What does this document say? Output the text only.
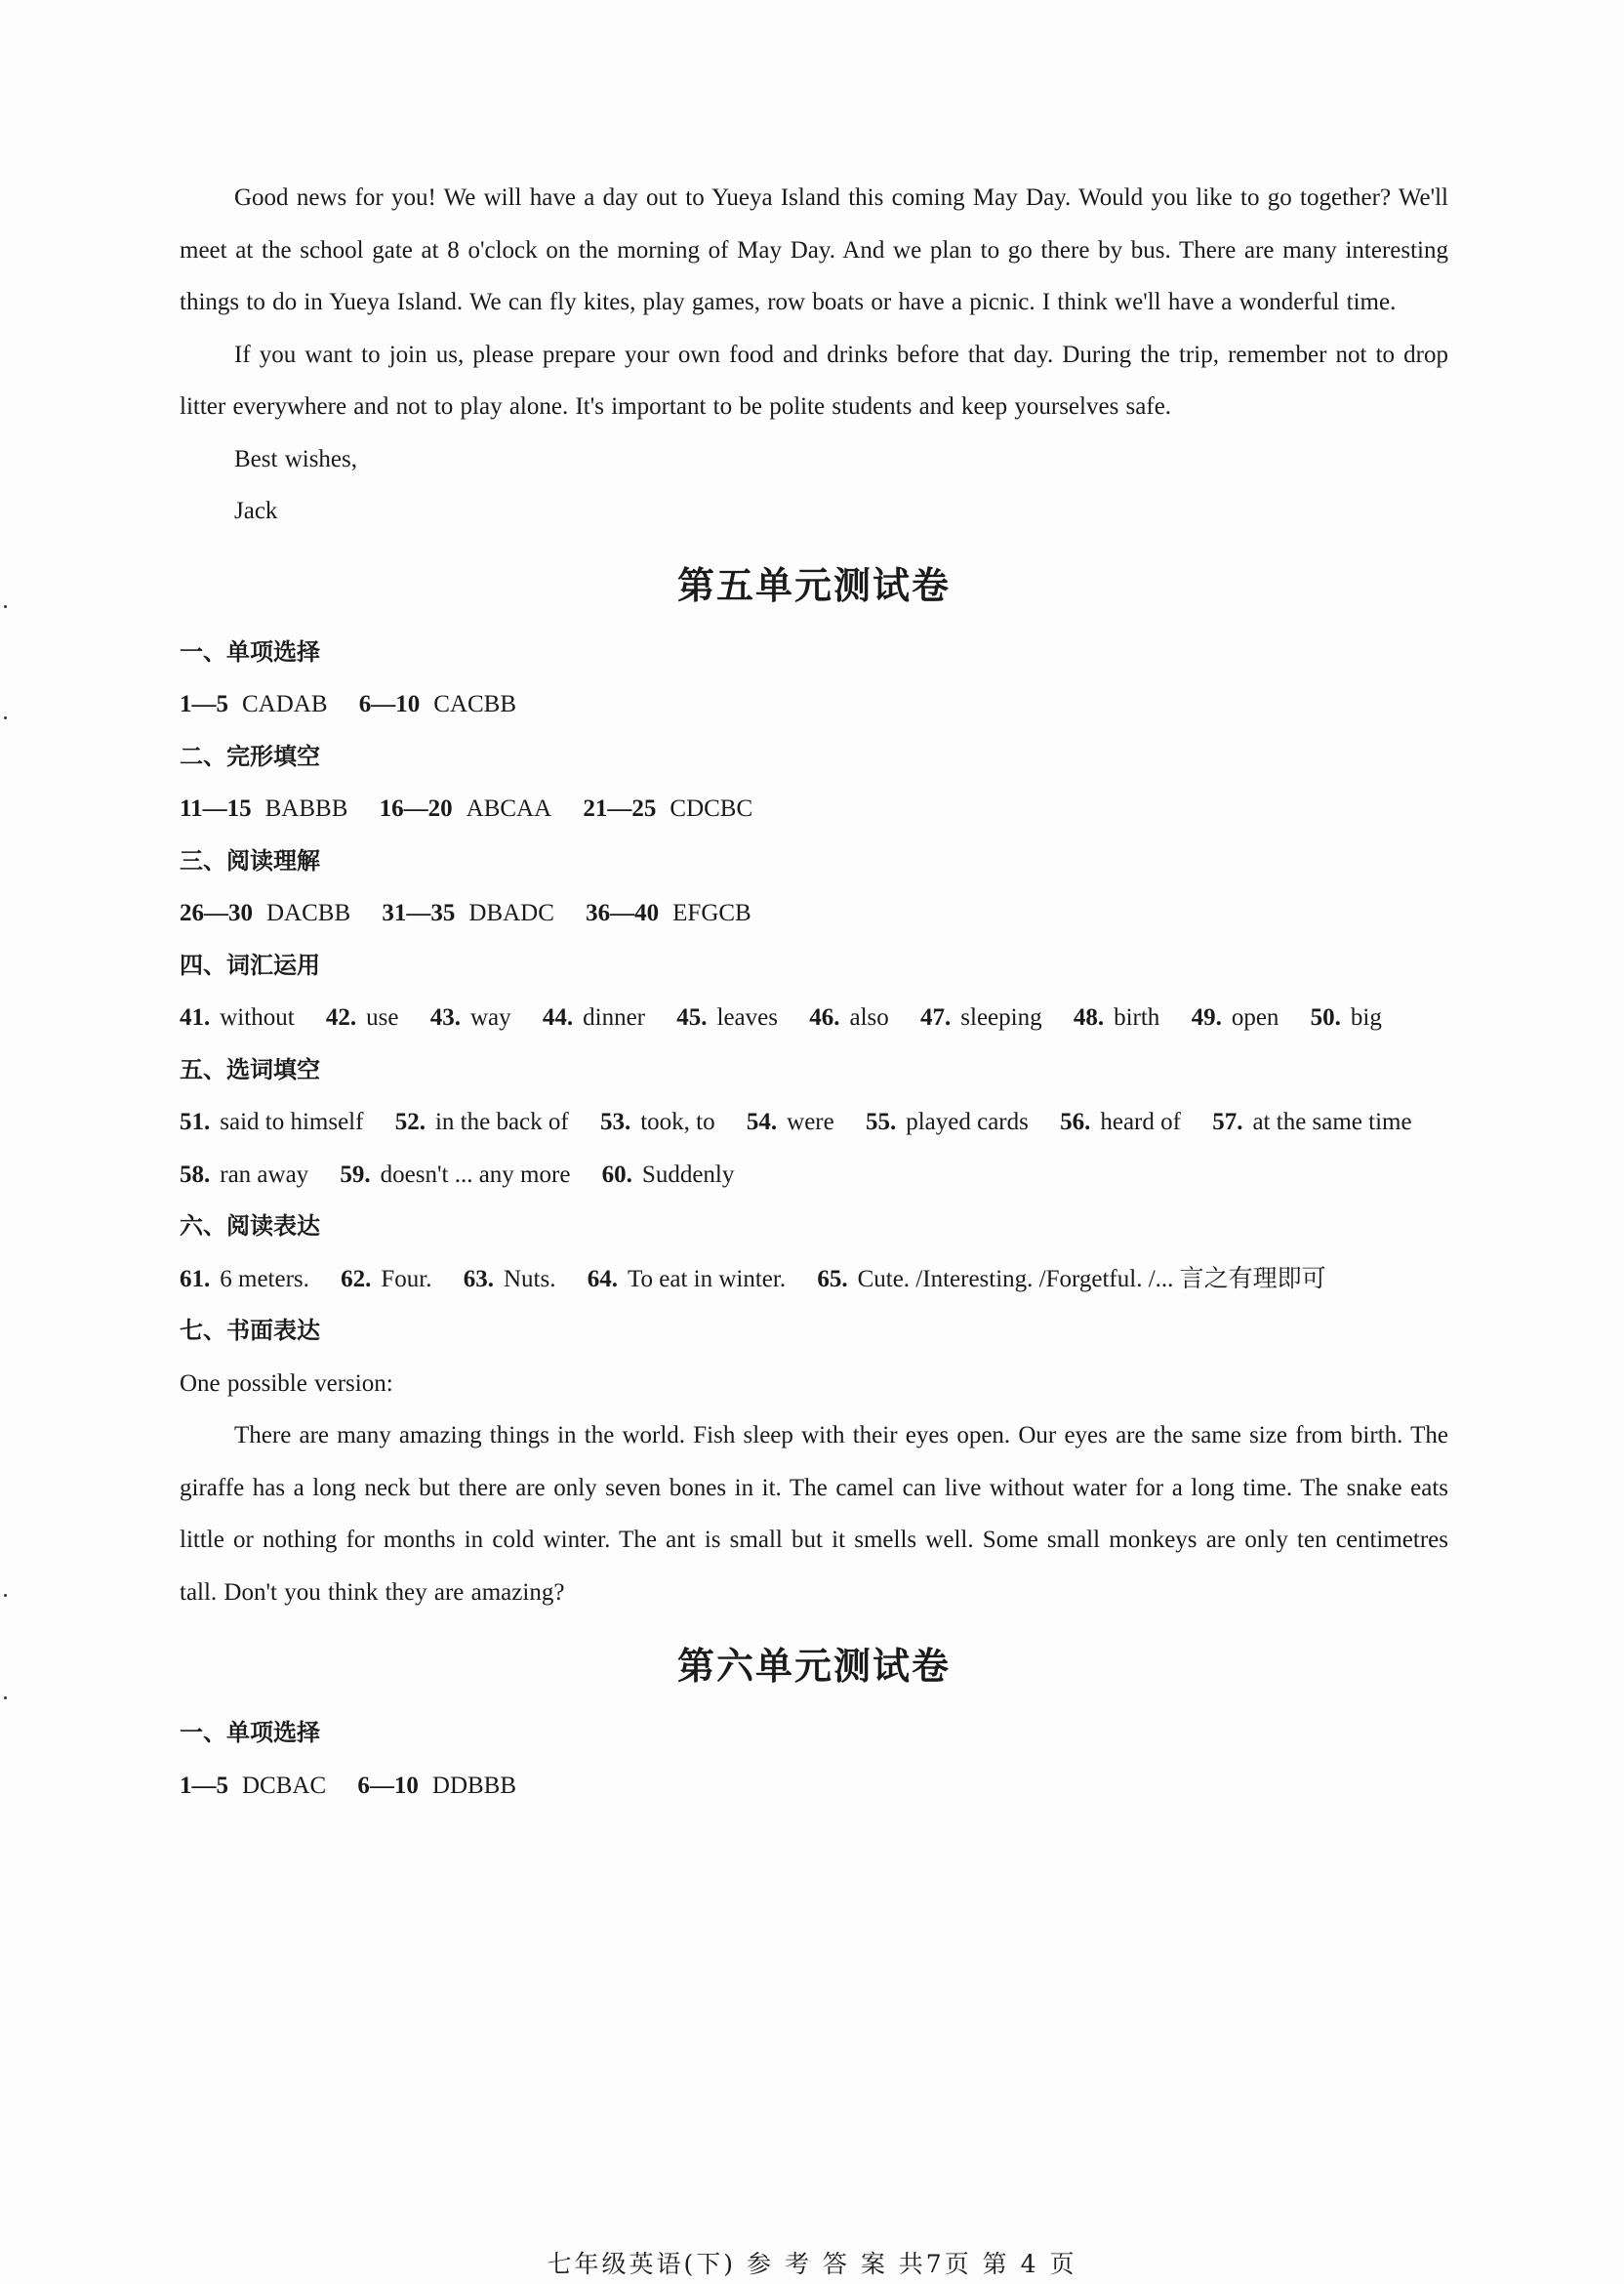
Good news for you! We will have a day out to Yueya Island this coming May Day. Would you like to go together? We'll meet at the school gate at 8 o'clock on the morning of May Day. And we plan to go there by bus. There are many interesting things to do in Yueya Island. We can fly kites, play games, row boats or have a picnic. I think we'll have a wonderful time.

If you want to join us, please prepare your own food and drinks before that day. During the trip, remember not to drop litter everywhere and not to play alone. It's important to be polite students and keep yourselves safe.

Best wishes,

Jack

第五单元测试卷

一、单项选择

1—5 CADAB 6—10 CACBB

二、完形填空

11—15 BABBB 16—20 ABCAA 21—25 CDCBC

三、阅读理解

26—30 DACBB 31—35 DBADC 36—40 EFGCB

四、词汇运用

41. without 42. use 43. way 44. dinner 45. leaves 46. also 47. sleeping 48. birth 49. open 50. big

五、选词填空

51. said to himself 52. in the back of 53. took, to 54. were 55. played cards 56. heard of 57. at the same time 58. ran away 59. doesn't ... any more 60. Suddenly

六、阅读表达

61. 6 meters. 62. Four. 63. Nuts. 64. To eat in winter. 65. Cute. /Interesting. /Forgetful. /... 言之有理即可

七、书面表达

One possible version:

There are many amazing things in the world. Fish sleep with their eyes open. Our eyes are the same size from birth. The giraffe has a long neck but there are only seven bones in it. The camel can live without water for a long time. The snake eats little or nothing for months in cold winter. The ant is small but it smells well. Some small monkeys are only ten centimetres tall. Don't you think they are amazing?

第六单元测试卷

一、单项选择

1—5 DCBAC 6—10 DDBBB

七年级英语(下) 参 考 答 案 共7页 第 4 页
